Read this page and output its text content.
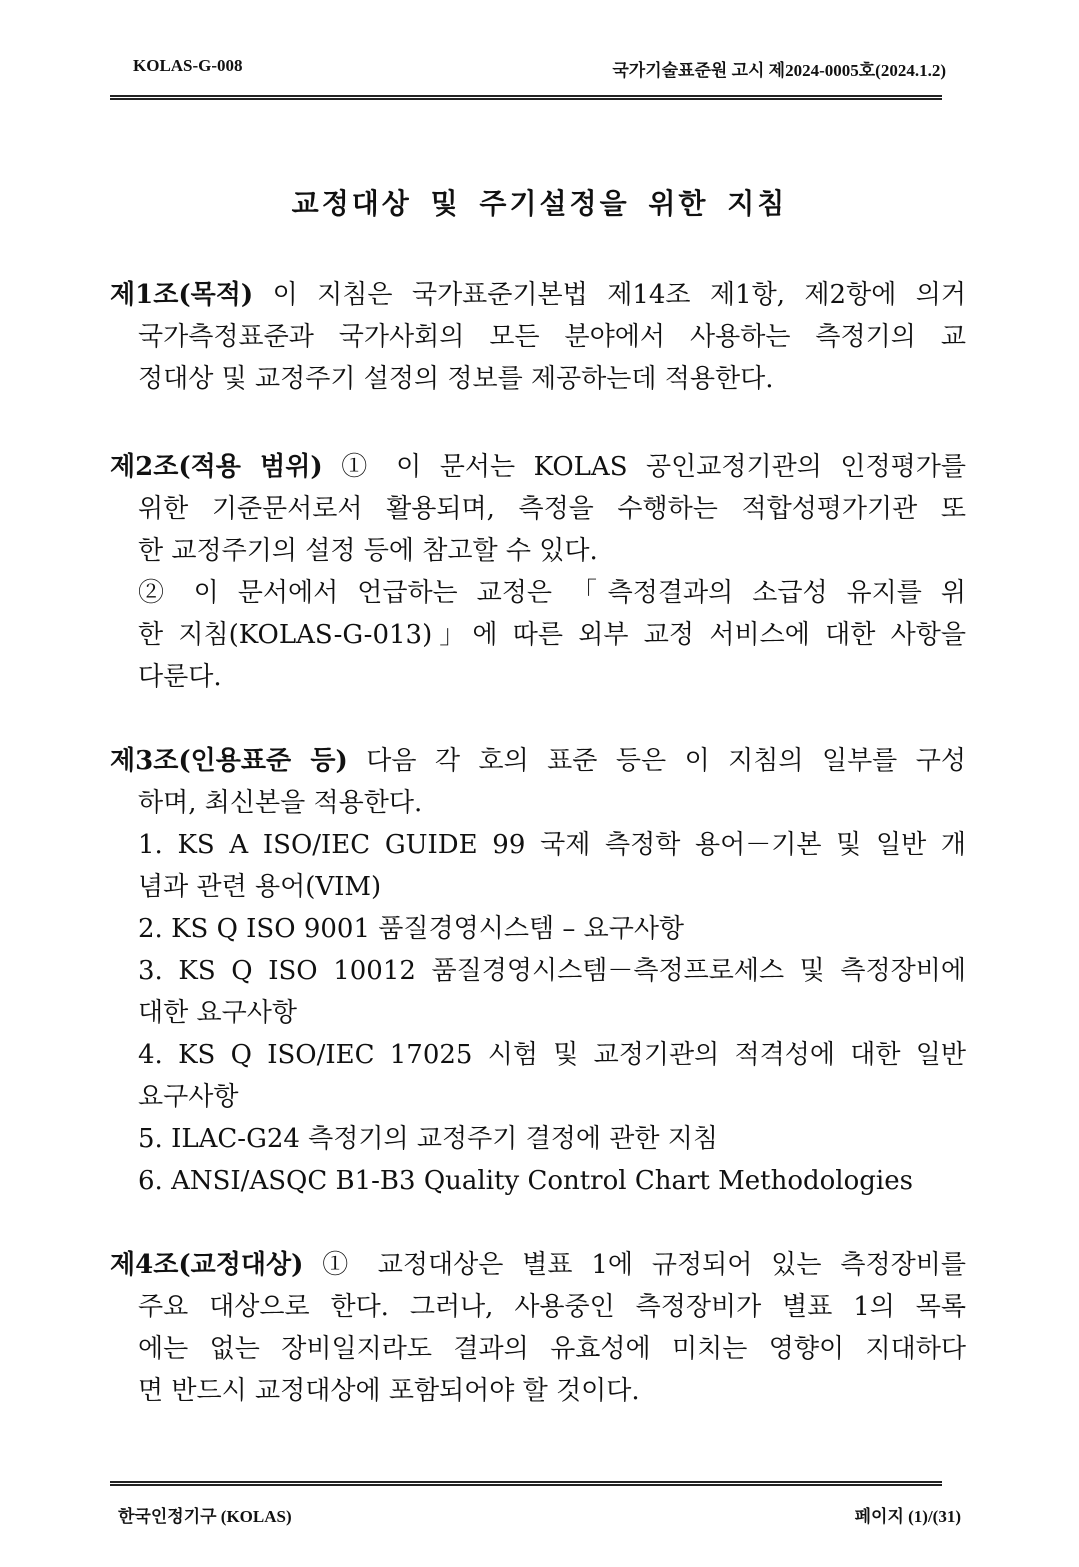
KOLAS-G-008	국가기술표준원 고시 제2024-0005호(2024.1.2)
교정대상 및 주기설정을 위한 지침
제1조(목적) 이 지침은 국가표준기본법 제14조 제1항, 제2항에 의거
국가측정표준과 국가사회의 모든 분야에서 사용하는 측정기의 교
정대상 및 교정주기 설정의 정보를 제공하는데 적용한다.
제2조(적용 범위) ① 이 문서는 KOLAS 공인교정기관의 인정평가를
위한 기준문서로서 활용되며, 측정을 수행하는 적합성평가기관 또
한 교정주기의 설정 등에 참고할 수 있다.
② 이 문서에서 언급하는 교정은 「측정결과의 소급성 유지를 위
한 지침(KOLAS-G-013)」에 따른 외부 교정 서비스에 대한 사항을
다룬다.
제3조(인용표준 등) 다음 각 호의 표준 등은 이 지침의 일부를 구성
하며, 최신본을 적용한다.
1. KS A ISO/IEC GUIDE 99 국제 측정학 용어－기본 및 일반 개
념과 관련 용어(VIM)
2. KS Q ISO 9001 품질경영시스템 – 요구사항
3. KS Q ISO 10012 품질경영시스템－측정프로세스 및 측정장비에
대한 요구사항
4. KS Q ISO/IEC 17025 시험 및 교정기관의 적격성에 대한 일반
요구사항
5. ILAC-G24 측정기의 교정주기 결정에 관한 지침
6. ANSI/ASQC B1-B3 Quality Control Chart Methodologies
제4조(교정대상) ① 교정대상은 별표 1에 규정되어 있는 측정장비를
주요 대상으로 한다. 그러나, 사용중인 측정장비가 별표 1의 목록
에는 없는 장비일지라도 결과의 유효성에 미치는 영향이 지대하다
면 반드시 교정대상에 포함되어야 할 것이다.
한국인정기구 (KOLAS)	페이지 (1)/(31)
